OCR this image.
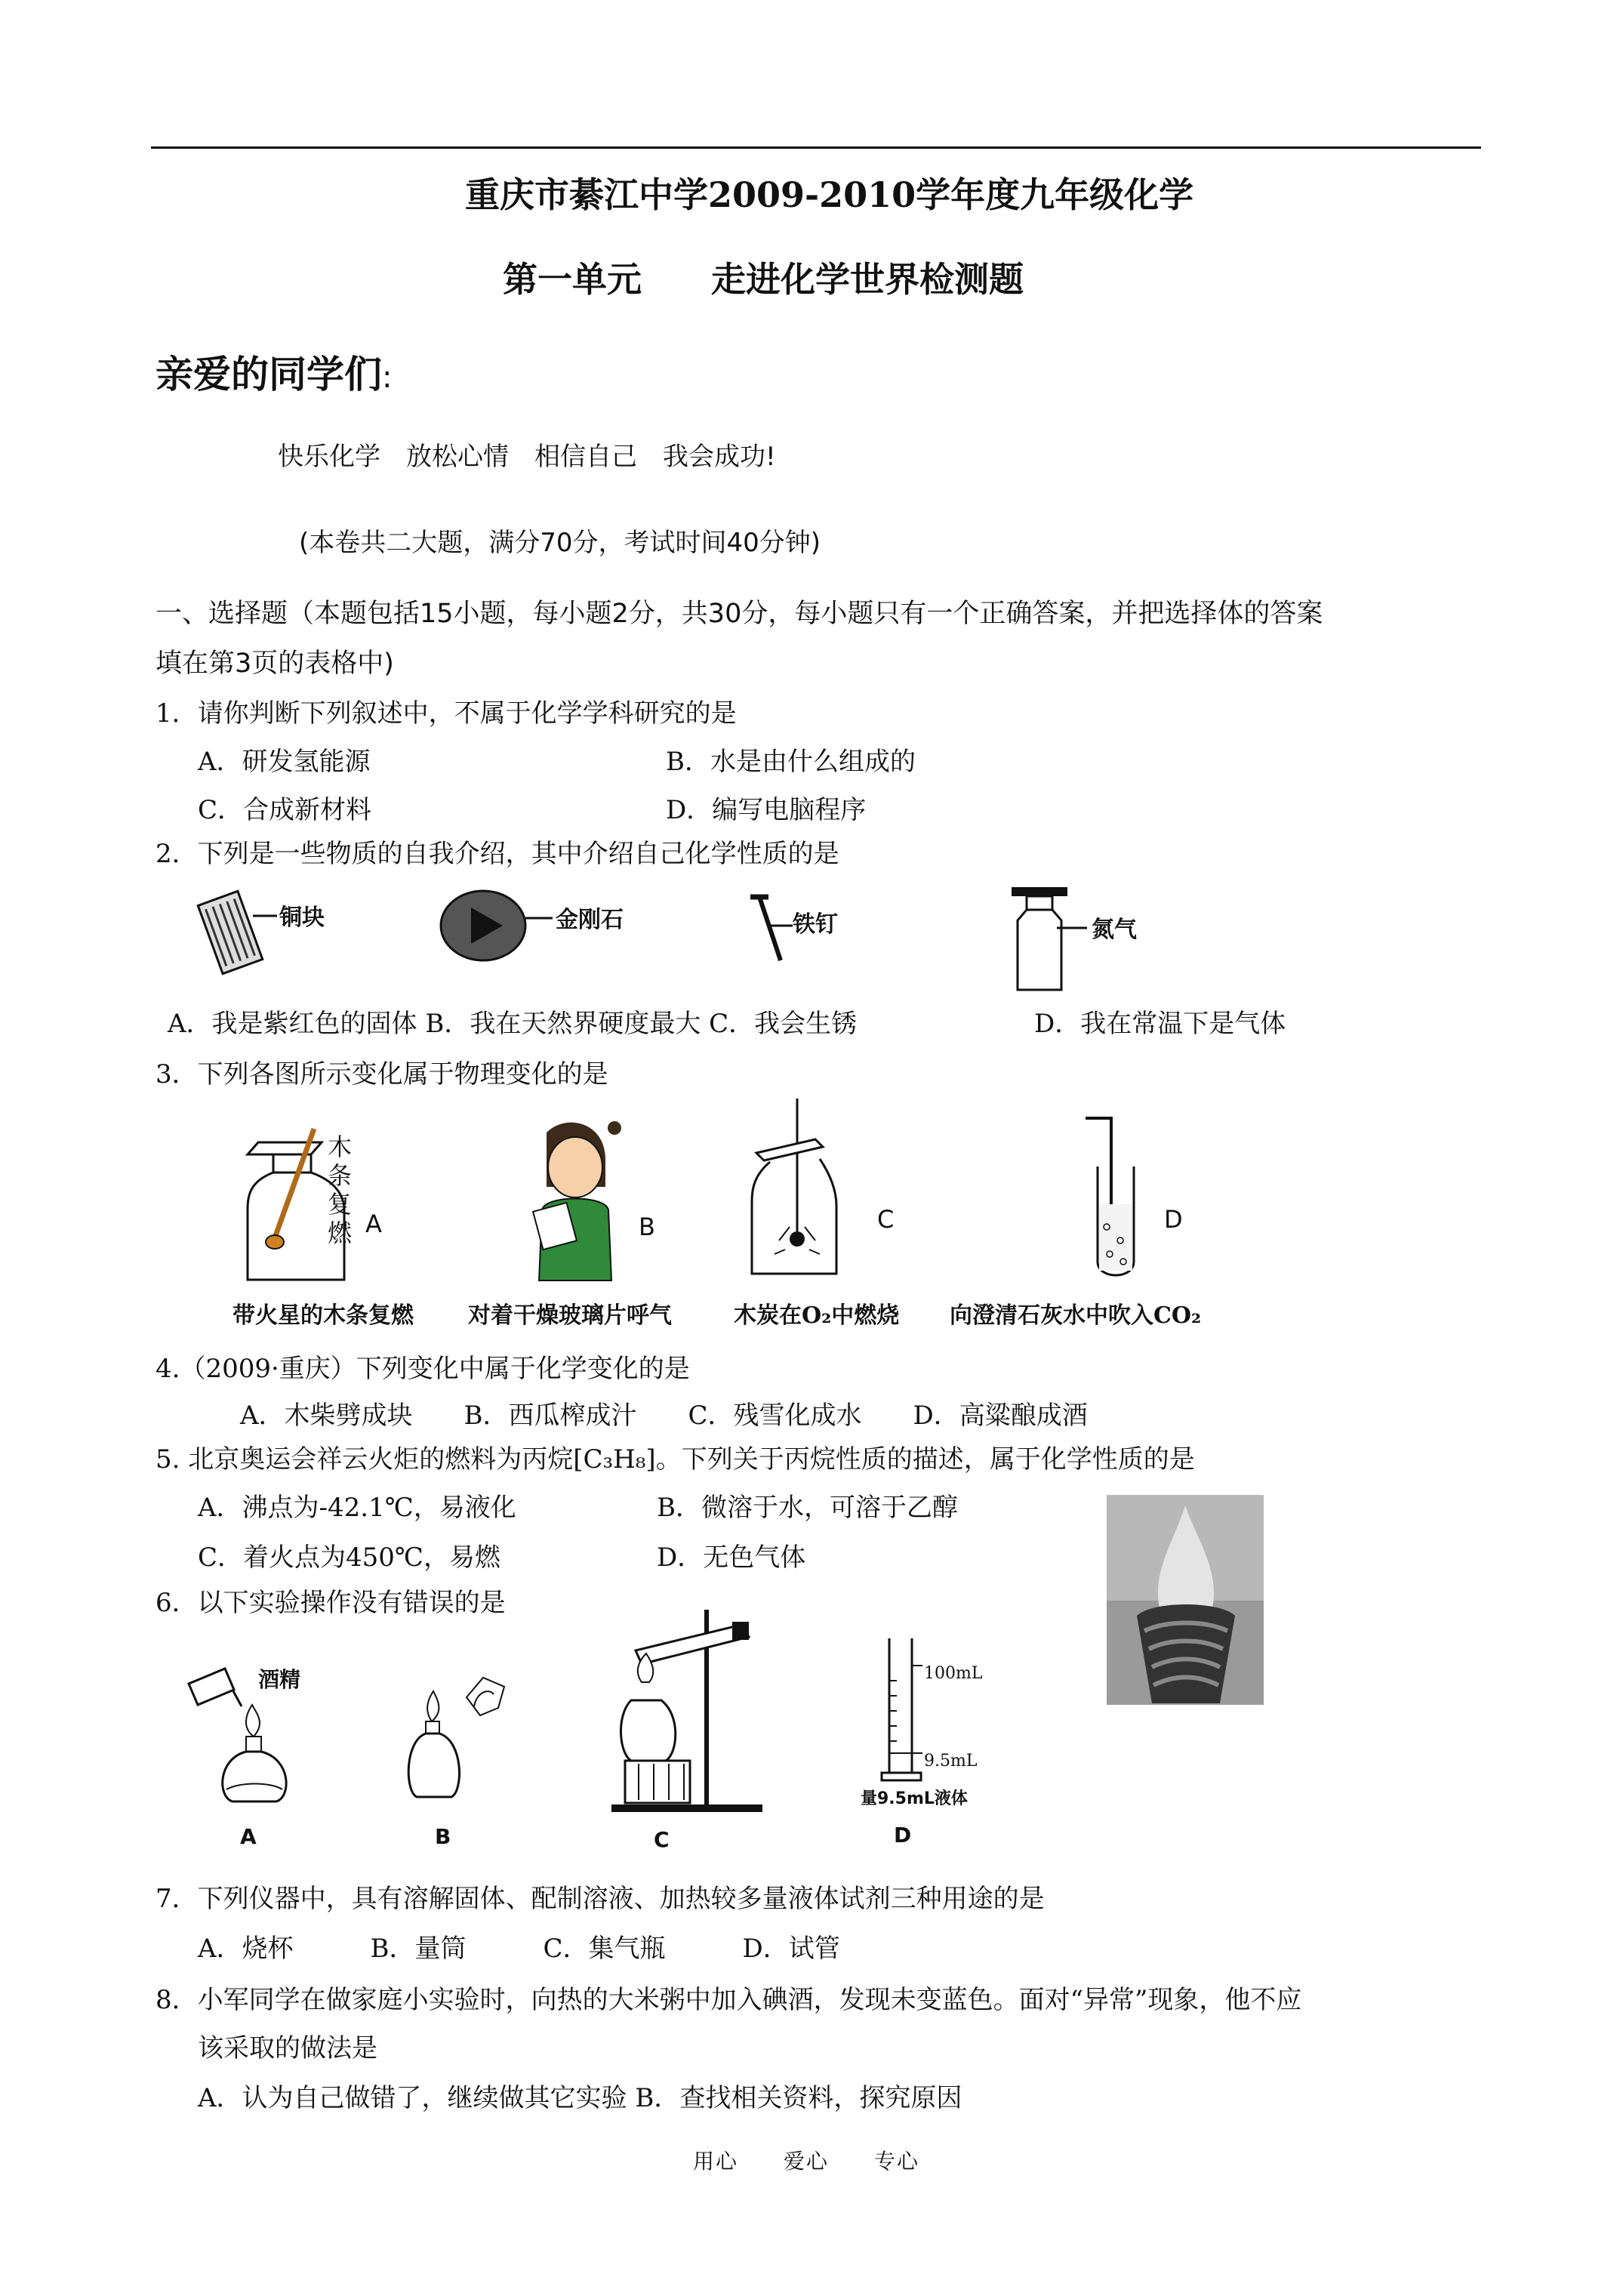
重庆市綦江中学2009-2010学年度九年级化学
第一单元　　走进化学世界检测题
亲爱的同学们:
快乐化学　放松心情　相信自己　我会成功!
(本卷共二大题，满分70分，考试时间40分钟)
一、选择题（本题包括15小题，每小题2分，共30分，每小题只有一个正确答案，并把选择体的答案
填在第3页的表格中)
1．请你判断下列叙述中，不属于化学学科研究的是
A．研发氢能源	B．水是由什么组成的
C．合成新材料	D．编写电脑程序
2．下列是一些物质的自我介绍，其中介绍自己化学性质的是
铜块	金刚石	铁钉	氮气
A．我是紫红色的固体 B．我在天然界硬度最大 C．我会生锈	D．我在常温下是气体
3．下列各图所示变化属于物理变化的是
木条复燃 A	B	C	D
带火星的木条复燃 对着干燥玻璃片呼气	木炭在O₂中燃烧 向澄清石灰水中吹入CO₂
4.（2009·重庆）下列变化中属于化学变化的是
A．木柴劈成块　　B．西瓜榨成汁　　C．残雪化成水　　D．高粱酿成酒
5. 北京奥运会祥云火炬的燃料为丙烷[C₃H₈]。下列关于丙烷性质的描述，属于化学性质的是
A．沸点为-42.1℃，易液化	B．微溶于水，可溶于乙醇
C．着火点为450℃，易燃	D．无色气体
6．以下实验操作没有错误的是
酒精	100mL
9.5mL
量9.5mL液体
A	B	C	D
7．下列仪器中，具有溶解固体、配制溶液、加热较多量液体试剂三种用途的是
A．烧杯　　　B．量筒　　　C．集气瓶　　　D．试管
8．小军同学在做家庭小实验时，向热的大米粥中加入碘酒，发现未变蓝色。面对“异常”现象，他不应
该采取的做法是
A．认为自己做错了，继续做其它实验 B．查找相关资料，探究原因
用心　　爱心　　专心
